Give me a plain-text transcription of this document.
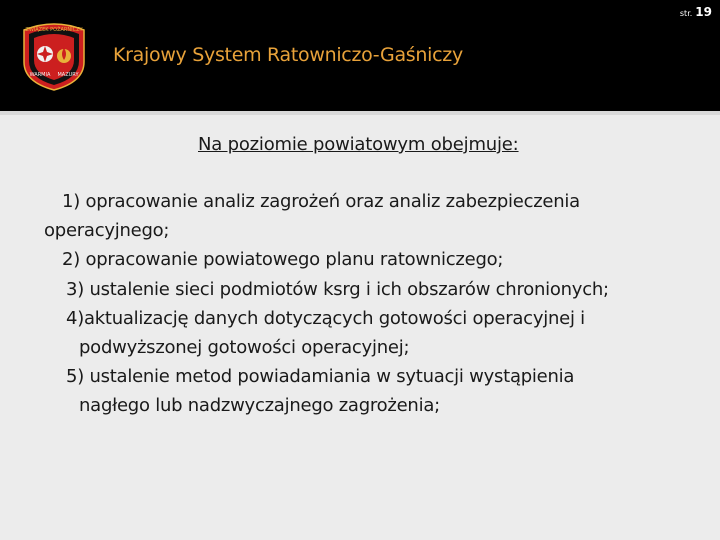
str. 19
ZWIĄZEK POŻARNICZY
WARMIA MAZURY
Krajowy System Ratowniczo-Gaśniczy
Na poziomie powiatowym obejmuje:
1) opracowanie analiz zagrożeń oraz analiz zabezpieczenia
operacyjnego;
2) opracowanie powiatowego planu ratowniczego;
3) ustalenie sieci podmiotów ksrg i ich obszarów chronionych;
4)aktualizację danych dotyczących gotowości operacyjnej i
podwyższonej gotowości operacyjnej;
5) ustalenie metod powiadamiania w sytuacji wystąpienia
nagłego lub nadzwyczajnego zagrożenia;
